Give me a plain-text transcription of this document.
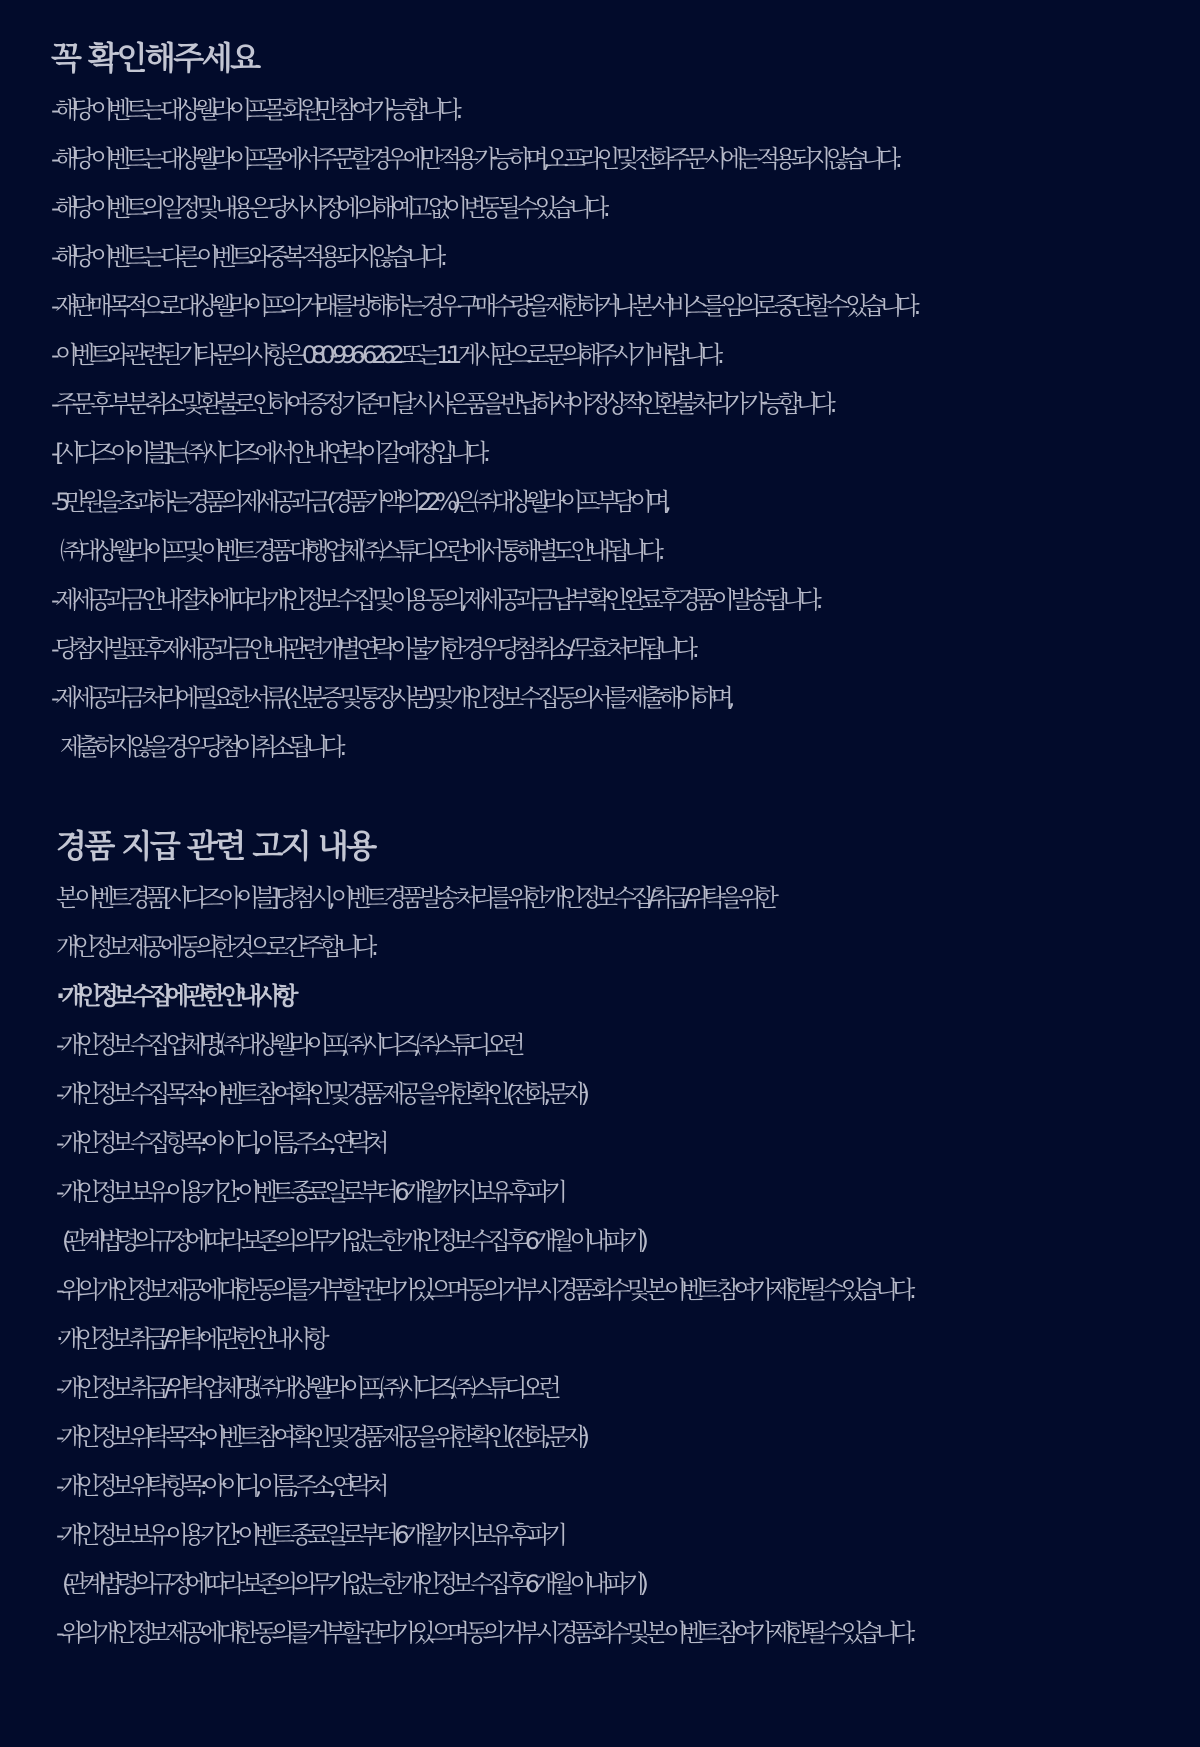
꼭 확인해주세요
- 해당 이벤트는 대상웰라이프몰 회원만 참여 가능합니다.
- 해당 이벤트는 대상웰라이프몰에서 주문할 경우에만 적용 가능하며, 오프라인 및 전화주문 시에는 적용되지 않습니다.
- 해당 이벤트의 일정 및 내용은 당사 사정에 의해 예고 없이 변동될 수 있습니다.
- 해당 이벤트는 다른 이벤트와 중복 적용되지 않습니다.
- 재판매 목적으로 대상웰라이프의 거래를 방해하는 경우 구매 수량을 제한하거나 본 서비스를 임의로 중단할 수 있습니다.
- 이벤트와 관련된 기타 문의 사항은 080-996-6262 또는 1:1 게시판으로 문의해주시기 바랍니다.
- 주문 후 부분 취소 및 환불로 인하여 증정 기준 미달 시 사은품을 반납하셔야 정상적인 환불처리가 가능합니다.
- [시디즈 아이블]는 ㈜시디즈 에서 안내 연락이 갈 예정입니다.
- 5만원을 초과하는 경품의 제세공과금 (경품가액의 22%)은 ㈜대상웰라이프 부담이며,
㈜대상웰라이프 및 이벤트 경품 대행 업체 ㈜스튜디오런에서 통해 별도 안내 됩니다.
- 제세공과금 안내 절차에 따라 개인정보 수집 및 이용 동의, 제세 공과금 납부 확인 완료 후 경품이 발송됩니다.
- 당첨자 발표 후 제세공과금 안내 관련 개별 연락이 불가한 경우 당첨 취소/ 무효 처리됩니다.
- 제세공과금 처리에 필요한 서류 (신분증 및 통장사본) 및 개인정보 수집 동의서를 제출해야하며,
제출하지 않을 경우 당첨이 취소됩니다.
경품 지급 관련 고지 내용
본 이벤트 경품 [시디즈 아이블] 당첨 시, 이벤트 경품 발송 처리를 위한 개인정보 수집/취급/위탁을 위한
개인정보 제공에 동의한 것으로 간주 합니다.
· 개인정보 수집에 관한 안내 사항
- 개인정보 수집 업체명: ㈜대상웰라이프, ㈜시디즈, ㈜스튜디오런
- 개인정보 수집 목적: 이벤트 참여 확인 및 경품 제공을 위한 확인 (전화, 문자)
- 개인정보 수집 항목: 아이디, 이름, 주소, 연락처
- 개인정보 보유 이용기간: 이벤트 종료일로부터 6개월까지 보유 후 파기
(관계법령의 규정에 따라 보존의 의무가 없는 한 개인정보 수집 후 6개월 이내 파기)
- 위의 개인정보 제공에 대한 동의를 거부할 권리가 있으며 동의 거부 시 경품 회수 및 본 이벤트 참여가 제한될 수 있습니다.
· 개인정보 취급/위탁에 관한 안내 사항
- 개인정보 취급/위탁 업체명: ㈜대상웰라이프, ㈜시디즈, ㈜스튜디오런
- 개인정보 위탁 목적: 이벤트 참여 확인 및 경품 제공을 위한 확인 (전화, 문자)
- 개인정보 위탁 항목: 아이디, 이름, 주소, 연락처
- 개인정보 보유 이용기간: 이벤트 종료일로부터 6개월까지 보유 후 파기
(관계법령의 규정에 따라 보존의 의무가 없는 한 개인정보 수집 후 6개월 이내 파기)
- 위의 개인정보 제공에 대한 동의를 거부할 권리가 있으며 동의 거부 시 경품 회수 및 본 이벤트 참여가 제한될 수 있습니다.
